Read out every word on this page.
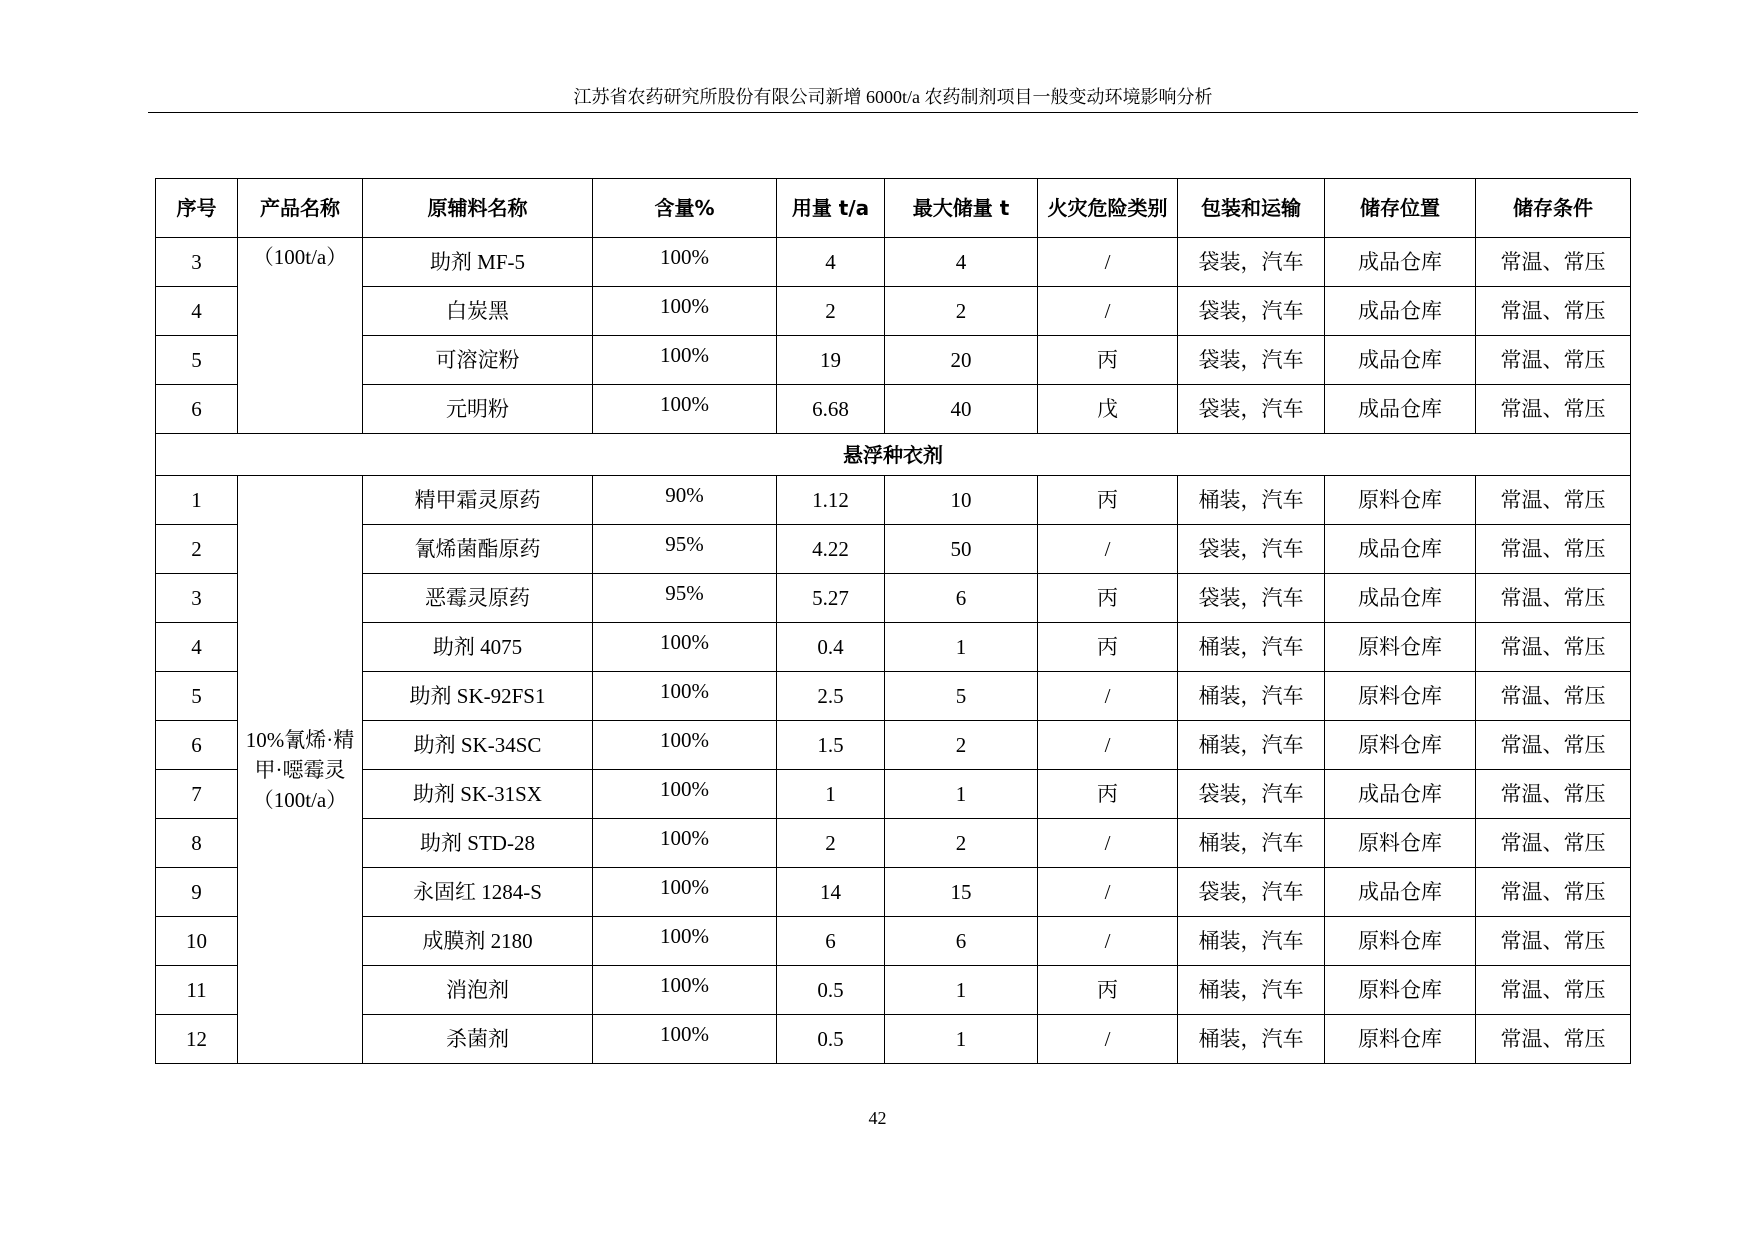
江苏省农药研究所股份有限公司新增 6000t/a 农药制剂项目一般变动环境影响分析
序号	产品名称	原辅料名称	含量%	用量 t/a	最大储量 t	火灾危险类别	包装和运输	储存位置	储存条件
3	（100t/a）	助剂 MF-5	100%	4	4	/	袋装，汽车	成品仓库	常温、常压
4		白炭黑	100%	2	2	/	袋装，汽车	成品仓库	常温、常压
5		可溶淀粉	100%	19	20	丙	袋装，汽车	成品仓库	常温、常压
6		元明粉	100%	6.68	40	戊	袋装，汽车	成品仓库	常温、常压
悬浮种衣剂									
1	10%氰烯·精甲·噁霉灵（100t/a）	精甲霜灵原药	90%	1.12	10	丙	桶装，汽车	原料仓库	常温、常压
2		氰烯菌酯原药	95%	4.22	50	/	袋装，汽车	成品仓库	常温、常压
3		恶霉灵原药	95%	5.27	6	丙	袋装，汽车	成品仓库	常温、常压
4		助剂 4075	100%	0.4	1	丙	桶装，汽车	原料仓库	常温、常压
5		助剂 SK-92FS1	100%	2.5	5	/	桶装，汽车	原料仓库	常温、常压
6		助剂 SK-34SC	100%	1.5	2	/	桶装，汽车	原料仓库	常温、常压
7		助剂 SK-31SX	100%	1	1	丙	袋装，汽车	成品仓库	常温、常压
8		助剂 STD-28	100%	2	2	/	桶装，汽车	原料仓库	常温、常压
9		永固红 1284-S	100%	14	15	/	袋装，汽车	成品仓库	常温、常压
10		成膜剂 2180	100%	6	6	/	桶装，汽车	原料仓库	常温、常压
11		消泡剂	100%	0.5	1	丙	桶装，汽车	原料仓库	常温、常压
12		杀菌剂	100%	0.5	1	/	桶装，汽车	原料仓库	常温、常压
42
